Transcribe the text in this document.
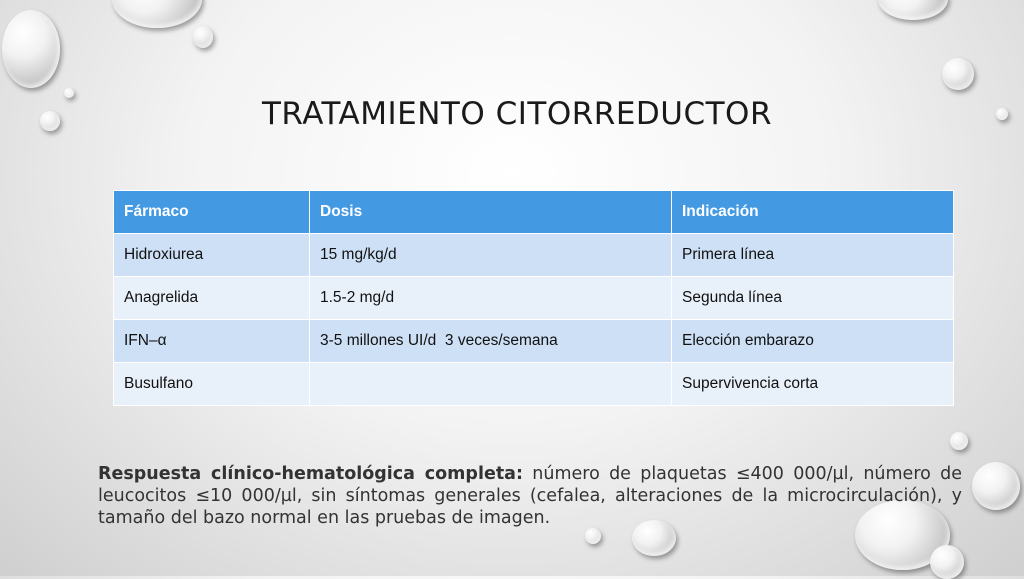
TRATAMIENTO CITORREDUCTOR
Fármaco	Dosis	Indicación
Hidroxiurea	15 mg/kg/d	Primera línea
Anagrelida	1.5-2 mg/d	Segunda línea
IFN–α	3-5 millones UI/d  3 veces/semana	Elección embarazo
Busulfano		Supervivencia corta

Respuesta clínico-hematológica completa: número de plaquetas ≤400 000/µl, número de leucocitos ≤10 000/µl, sin síntomas generales (cefalea, alteraciones de la microcirculación), y tamaño del bazo normal en las pruebas de imagen.
